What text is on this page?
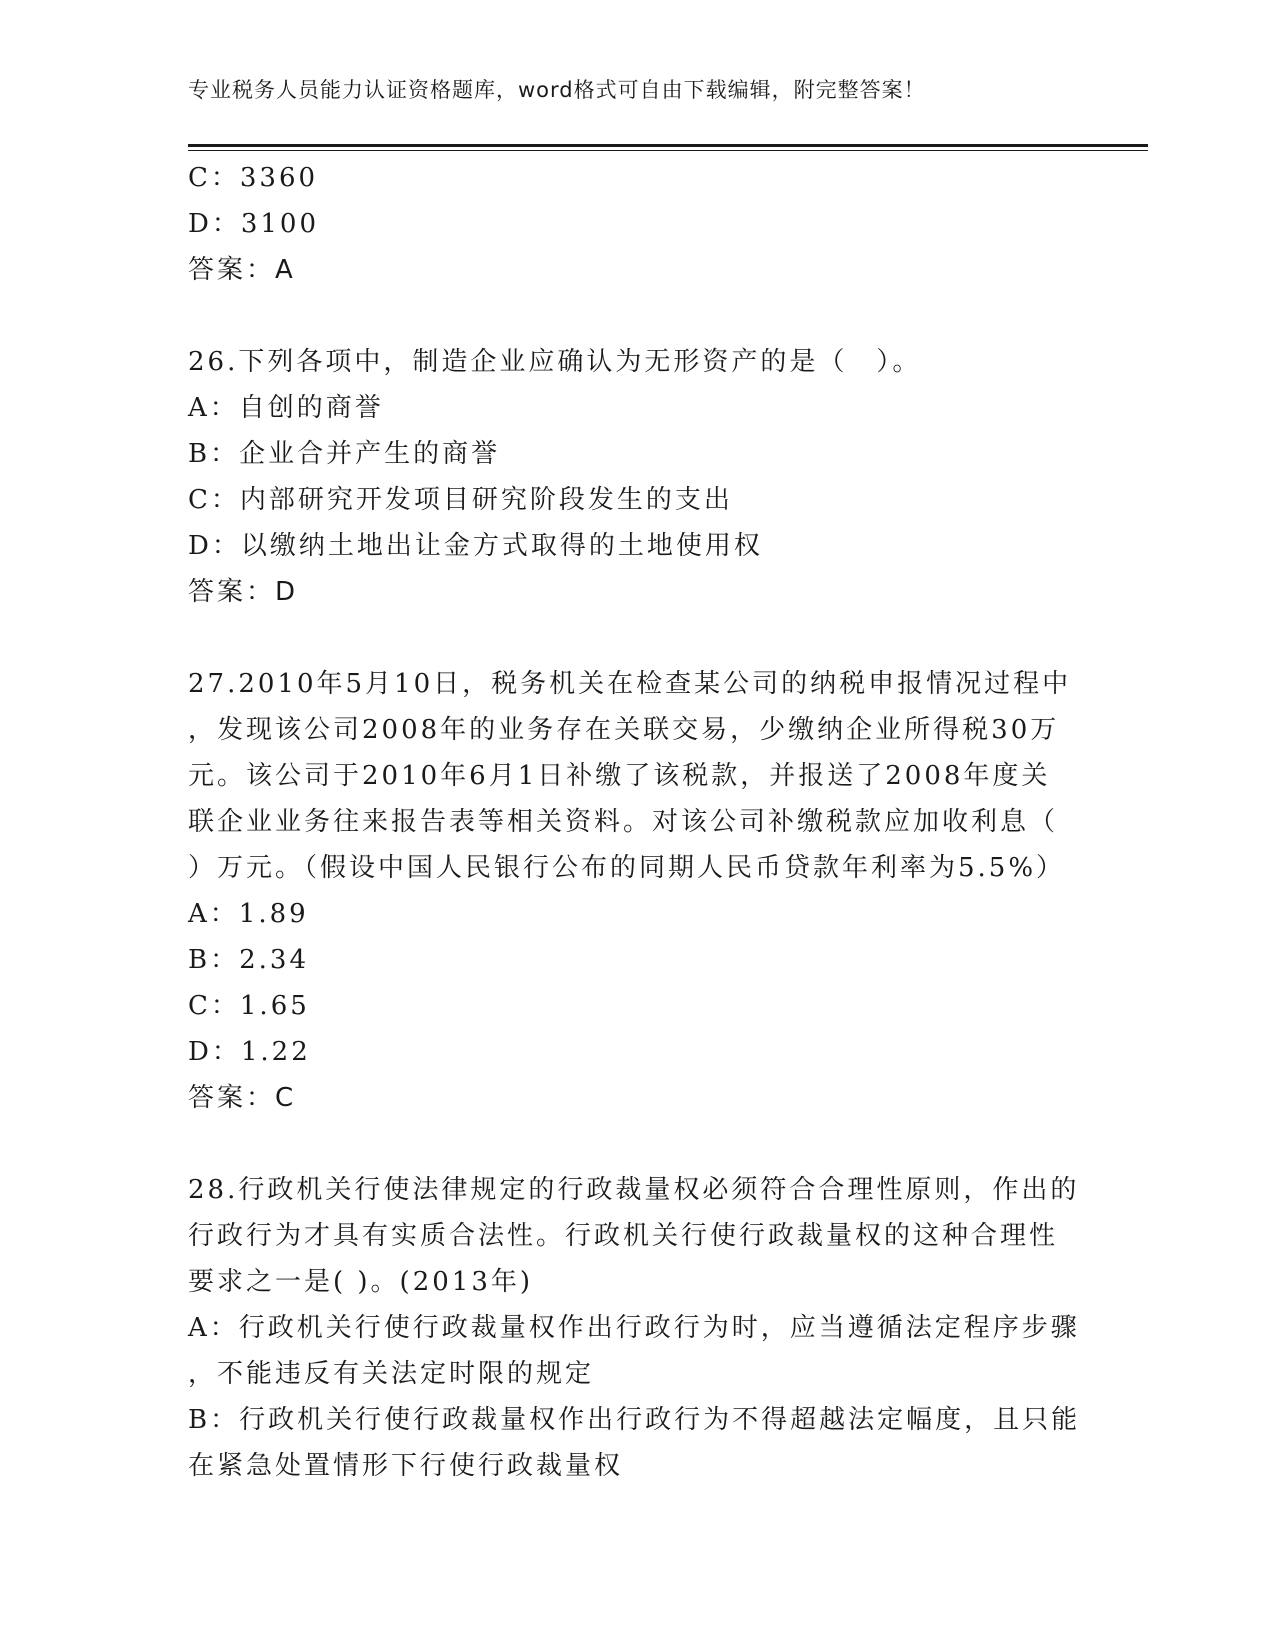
专业税务人员能力认证资格题库，word格式可自由下载编辑，附完整答案！
C：3360
D：3100
答案：A
26.下列各项中，制造企业应确认为无形资产的是（　）。
A：自创的商誉
B：企业合并产生的商誉
C：内部研究开发项目研究阶段发生的支出
D：以缴纳土地出让金方式取得的土地使用权
答案：D
27.2010年5月10日，税务机关在检查某公司的纳税申报情况过程中
，发现该公司2008年的业务存在关联交易，少缴纳企业所得税30万
元。该公司于2010年6月1日补缴了该税款，并报送了2008年度关
联企业业务往来报告表等相关资料。对该公司补缴税款应加收利息（
）万元。（假设中国人民银行公布的同期人民币贷款年利率为5.5%）
A：1.89
B：2.34
C：1.65
D：1.22
答案：C
28.行政机关行使法律规定的行政裁量权必须符合合理性原则，作出的
行政行为才具有实质合法性。行政机关行使行政裁量权的这种合理性
要求之一是( )。(2013年)
A：行政机关行使行政裁量权作出行政行为时，应当遵循法定程序步骤
，不能违反有关法定时限的规定
B：行政机关行使行政裁量权作出行政行为不得超越法定幅度，且只能
在紧急处置情形下行使行政裁量权
